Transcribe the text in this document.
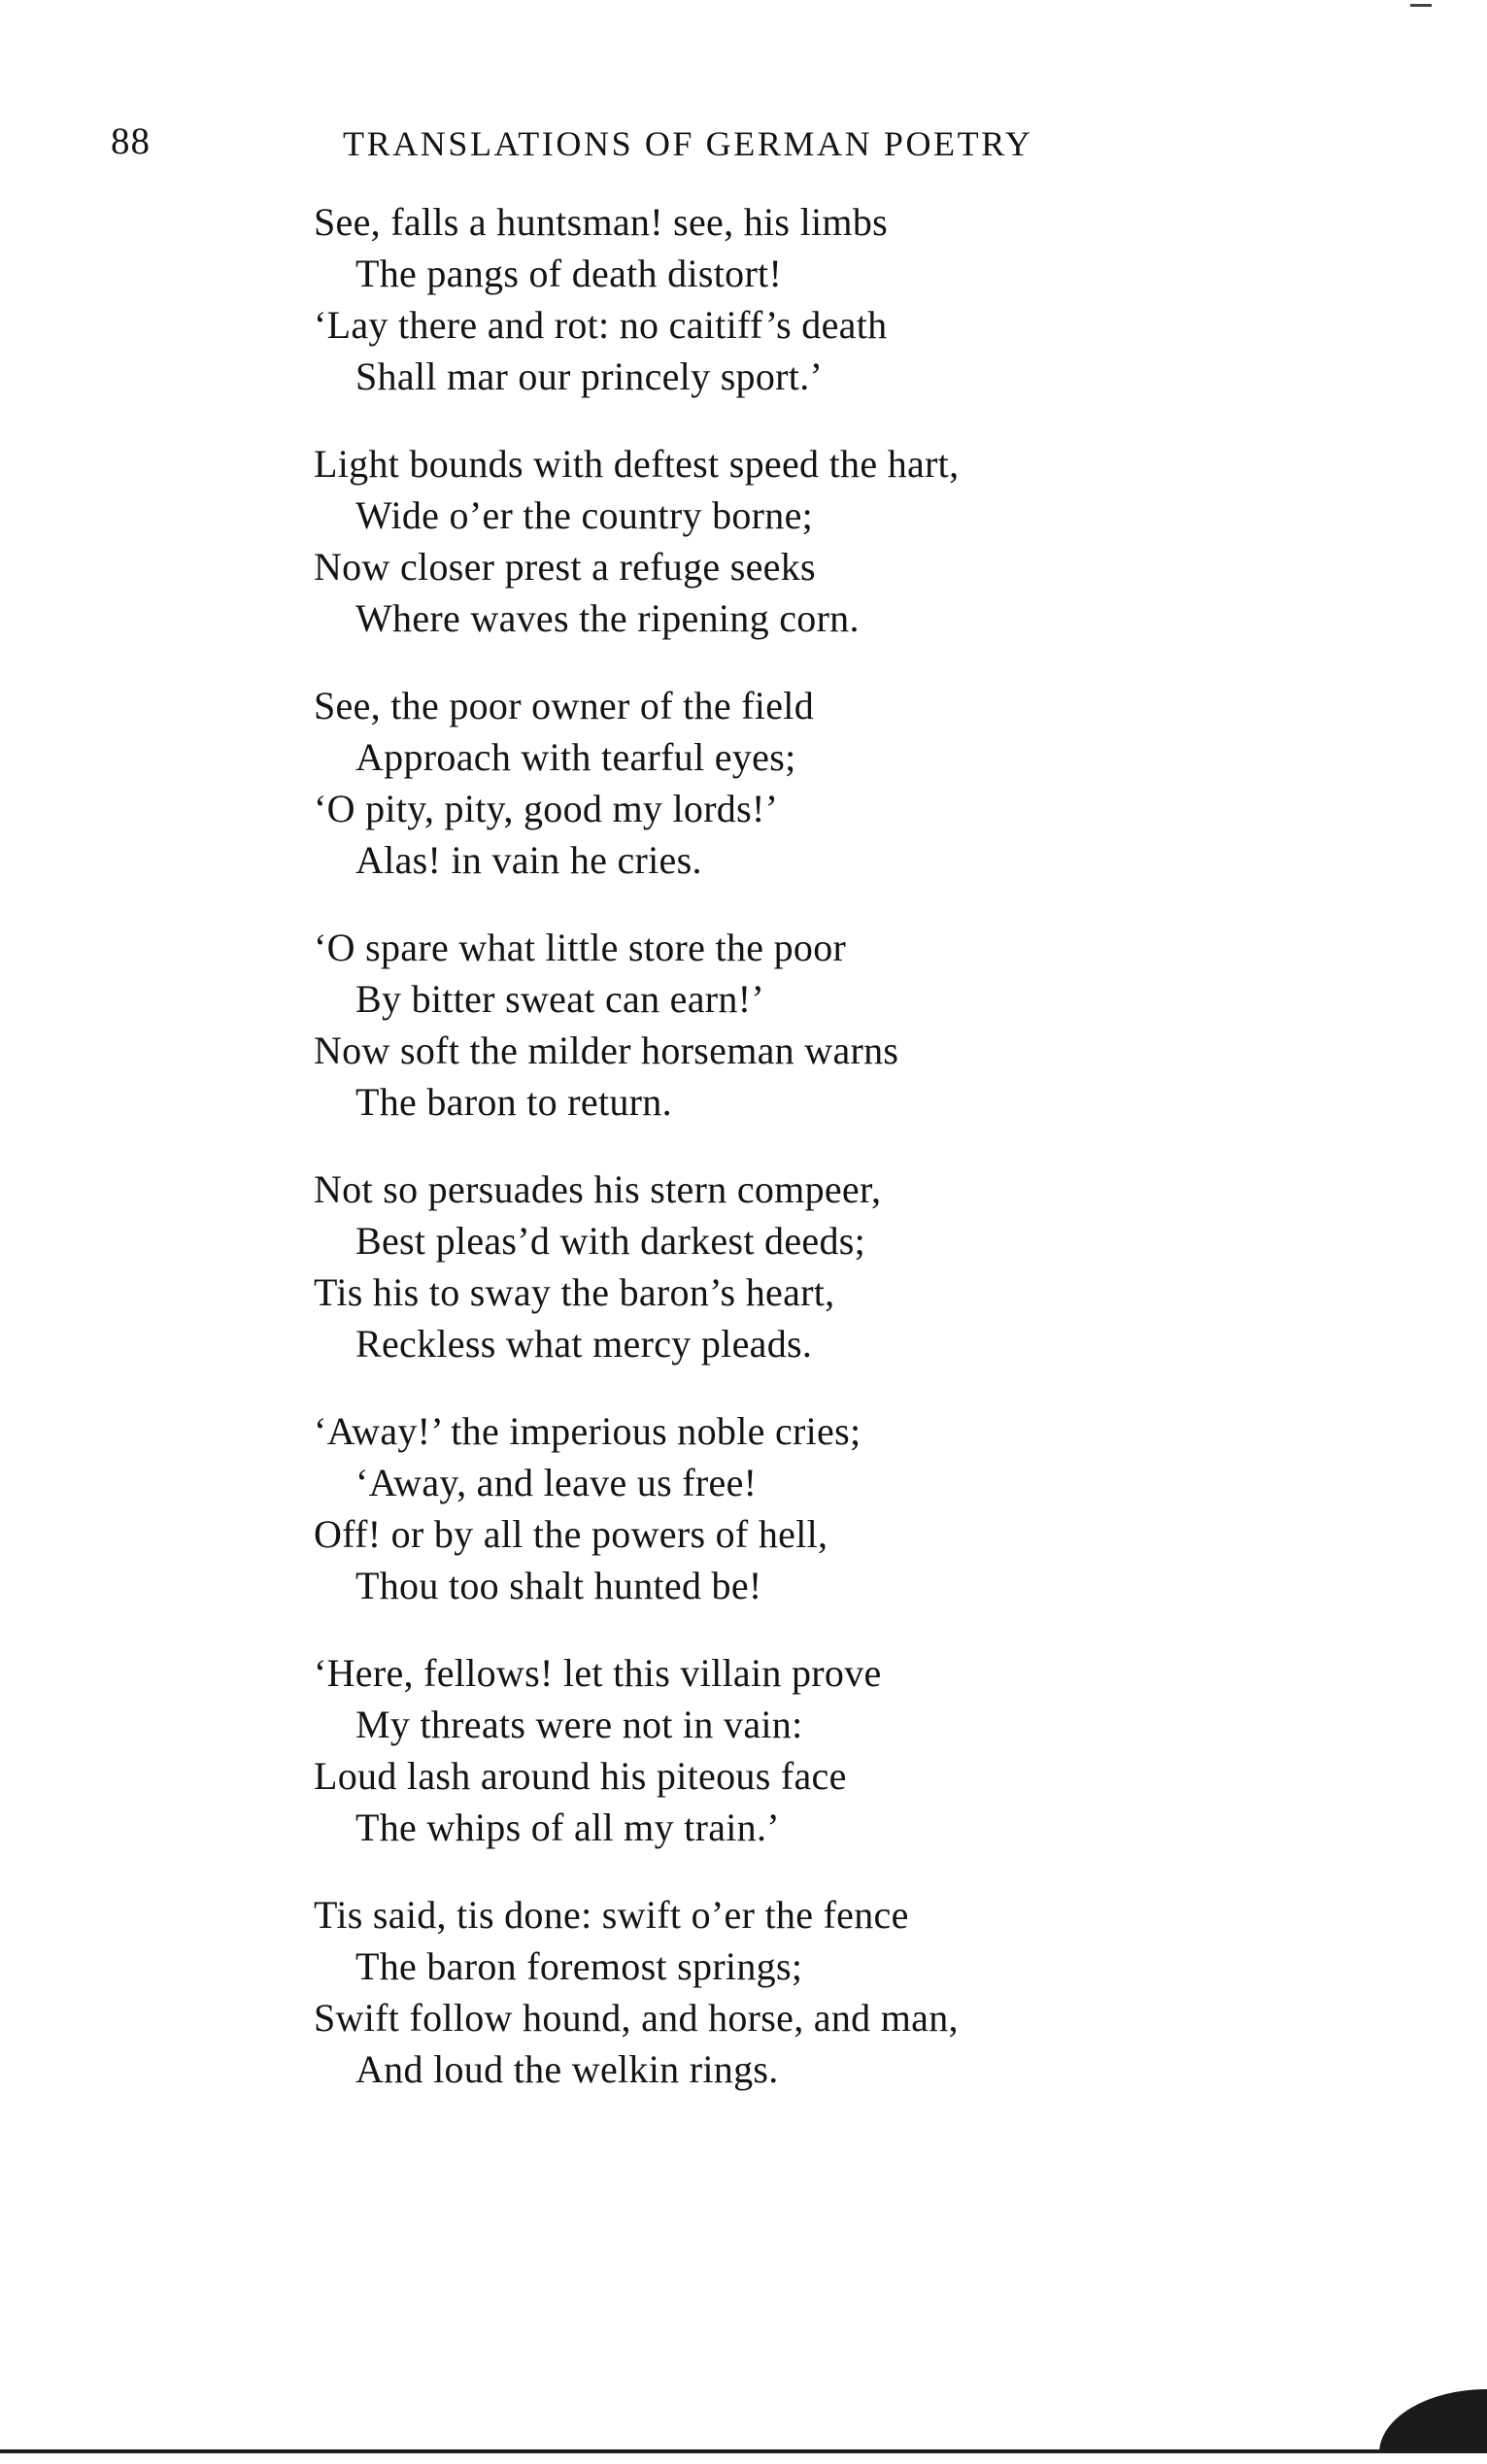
88	TRANSLATIONS OF GERMAN POETRY
See, falls a huntsman! see, his limbs
The pangs of death distort!
‘Lay there and rot: no caitiff’s death
Shall mar our princely sport.’
Light bounds with deftest speed the hart,
Wide o’er the country borne;
Now closer prest a refuge seeks
Where waves the ripening corn.
See, the poor owner of the field
Approach with tearful eyes;
‘O pity, pity, good my lords!’
Alas! in vain he cries.
‘O spare what little store the poor
By bitter sweat can earn!’
Now soft the milder horseman warns
The baron to return.
Not so persuades his stern compeer,
Best pleas’d with darkest deeds;
Tis his to sway the baron’s heart,
Reckless what mercy pleads.
‘Away!’ the imperious noble cries;
‘Away, and leave us free!
Off! or by all the powers of hell,
Thou too shalt hunted be!
‘Here, fellows! let this villain prove
My threats were not in vain:
Loud lash around his piteous face
The whips of all my train.’
Tis said, tis done: swift o’er the fence
The baron foremost springs;
Swift follow hound, and horse, and man,
And loud the welkin rings.
